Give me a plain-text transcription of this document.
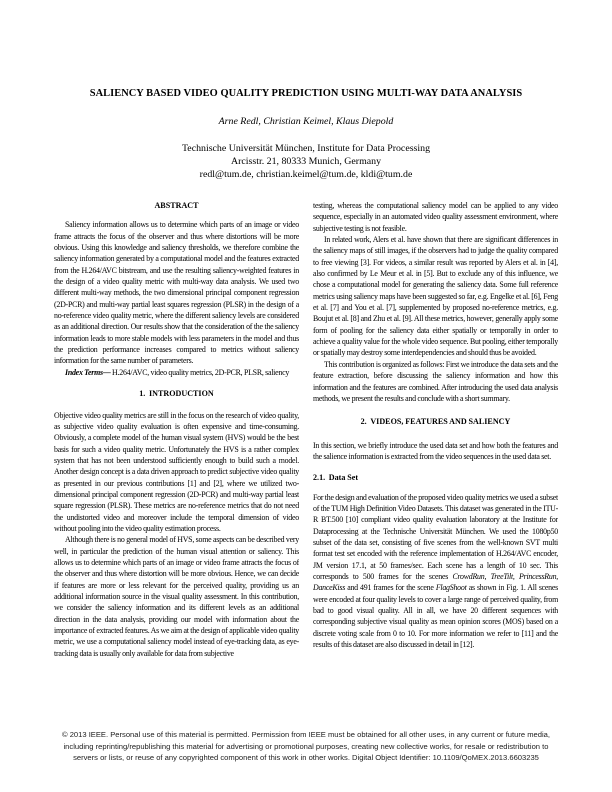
SALIENCY BASED VIDEO QUALITY PREDICTION USING MULTI-WAY DATA ANALYSIS
Arne Redl, Christian Keimel, Klaus Diepold
Technische Universität München, Institute for Data Processing
Arcisstr. 21, 80333 Munich, Germany
redl@tum.de, christian.keimel@tum.de, kldi@tum.de
ABSTRACT

Saliency information allows us to determine which parts of an image or video frame attracts the focus of the observer and thus where distortions will be more obvious. Using this knowledge and saliency thresholds, we therefore combine the saliency information generated by a computational model and the features extracted from the H.264/AVC bitstream, and use the resulting saliency-weighted features in the design of a video quality metric with multi-way data analysis. We used two different multi-way methods, the two dimensional principal component regression (2D-PCR) and multi-way partial least squares regression (PLSR) in the design of a no-reference video quality metric, where the different saliency levels are considered as an additional direction. Our results show that the consideration of the the saliency information leads to more stable models with less parameters in the model and thus the prediction performance increases compared to metrics without saliency information for the same number of parameters.

Index Terms— H.264/AVC, video quality metrics, 2D-PCR, PLSR, saliency

1.  INTRODUCTION

Objective video quality metrics are still in the focus on the research of video quality, as subjective video quality evaluation is often expensive and time-consuming. Obviously, a complete model of the human visual system (HVS) would be the best basis for such a video quality metric. Unfortunately the HVS is a rather complex system that has not been understood sufficiently enough to build such a model. Another design concept is a data driven approach to predict subjective video quality as presented in our previous contributions [1] and [2], where we utilized two-dimensional principal component regression (2D-PCR) and multi-way partial least square regression (PLSR). These metrics are no-reference metrics that do not need the undistorted video and moreover include the temporal dimension of video without pooling into the video quality estimation process.

Although there is no general model of HVS, some aspects can be described very well, in particular the prediction of the human visual attention or saliency. This allows us to determine which parts of an image or video frame attracts the focus of the observer and thus where distortion will be more obvious. Hence, we can decide if features are more or less relevant for the perceived quality, providing us an additional information source in the visual quality assessment. In this contribution, we consider the saliency information and its different levels as an additional direction in the data analysis, providing our model with information about the importance of extracted features. As we aim at the design of applicable video quality metric, we use a computational saliency model instead of eye-tracking data, as eye-tracking data is usually only available for data from subjective

testing, whereas the computational saliency model can be applied to any video sequence, especially in an automated video quality assessment environment, where subjective testing is not feasible.

In related work, Alers et al. have shown that there are significant differences in the saliency maps of still images, if the observers had to judge the quality compared to free viewing [3]. For videos, a similar result was reported by Alers et al. in [4], also confirmed by Le Meur et al. in [5]. But to exclude any of this influence, we chose a computational model for generating the saliency data. Some full reference metrics using saliency maps have been suggested so far, e.g. Engelke et al. [6], Feng et al. [7] and You et al. [7], supplemented by proposed no-reference metrics, e.g. Boujut et al. [8] and Zhu et al. [9]. All these metrics, however, generally apply some form of pooling for the saliency data either spatially or temporally in order to achieve a quality value for the whole video sequence. But pooling, either temporally or spatially may destroy some interdependencies and should thus be avoided.

This contribution is organized as follows: First we introduce the data sets and the feature extraction, before discussing the saliency information and how this information and the features are combined. After introducing the used data analysis methods, we present the results and conclude with a short summary.

2.  VIDEOS, FEATURES AND SALIENCY

In this section, we briefly introduce the used data set and how both the features and the salience information is extracted from the video sequences in the used data set.

2.1.  Data Set

For the design and evaluation of the proposed video quality metrics we used a subset of the TUM High Definition Video Datasets. This dataset was generated in the ITU-R BT.500 [10] compliant video quality evaluation laboratory at the Institute for Dataprocessing at the Technische Universität München. We used the 1080p50 subset of the data set, consisting of five scenes from the well-known SVT multi format test set encoded with the reference implementation of H.264/AVC encoder, JM version 17.1, at 50 frames/sec. Each scene has a length of 10 sec. This corresponds to 500 frames for the scenes CrowdRun, TreeTilt, PrincessRun, DanceKiss and 491 frames for the scene FlagShoot as shown in Fig. 1. All scenes were encoded at four quality levels to cover a large range of perceived quality, from bad to good visual quality. All in all, we have 20 different sequences with corresponding subjective visual quality as mean opinion scores (MOS) based on a discrete voting scale from 0 to 10. For more information we refer to [11] and the results of this dataset are also discussed in detail in [12].

© 2013 IEEE. Personal use of this material is permitted. Permission from IEEE must be obtained for all other uses, in any current or future media,
including reprinting/republishing this material for advertising or promotional purposes, creating new collective works, for resale or redistribution to
servers or lists, or reuse of any copyrighted component of this work in other works. Digital Object Identifier: 10.1109/QoMEX.2013.6603235
